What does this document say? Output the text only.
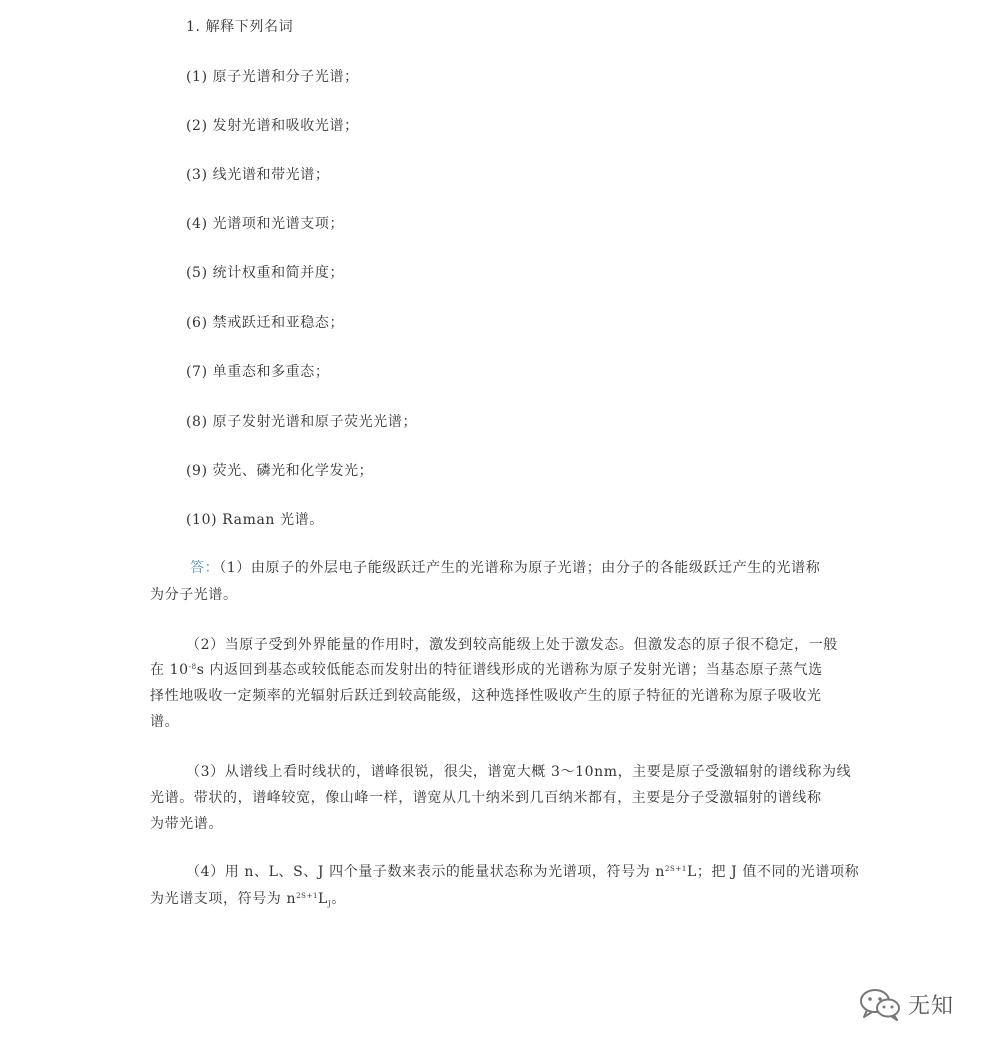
1. 解释下列名词
(1) 原子光谱和分子光谱；
(2) 发射光谱和吸收光谱；
(3) 线光谱和带光谱；
(4) 光谱项和光谱支项；
(5) 统计权重和简并度；
(6) 禁戒跃迁和亚稳态；
(7) 单重态和多重态；
(8) 原子发射光谱和原子荧光光谱；
(9) 荧光、磷光和化学发光；
(10) Raman 光谱。
答：（1）由原子的外层电子能级跃迁产生的光谱称为原子光谱；由分子的各能级跃迁产生的光谱称
为分子光谱。
（2）当原子受到外界能量的作用时，激发到较高能级上处于激发态。但激发态的原子很不稳定，一般
在 $10^{-8}s$ 内返回到基态或较低能态而发射出的特征谱线形成的光谱称为原子发射光谱；当基态原子蒸气选
择性地吸收一定频率的光辐射后跃迁到较高能级，这种选择性吸收产生的原子特征的光谱称为原子吸收光
谱。
（3）从谱线上看时线状的，谱峰很锐，很尖，谱宽大概 3～10nm，主要是原子受激辐射的谱线称为线
光谱。带状的，谱峰较宽，像山峰一样，谱宽从几十纳米到几百纳米都有，主要是分子受激辐射的谱线称
为带光谱。
（4）用 n、L、S、J 四个量子数来表示的能量状态称为光谱项，符号为 $n^{2S+1}L$；把 J 值不同的光谱项称
为光谱支项，符号为 $n^{2S+1}L_J$。
无知
